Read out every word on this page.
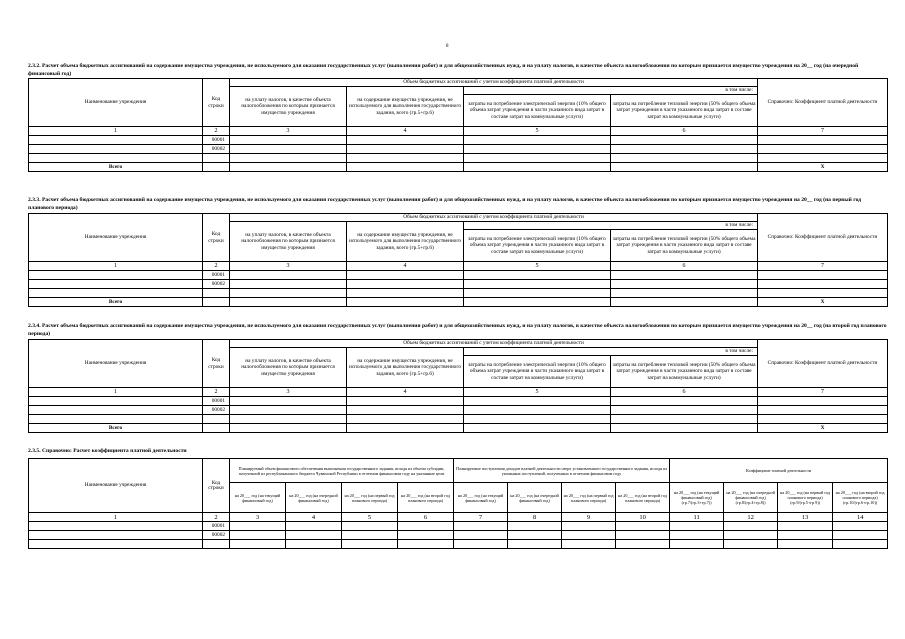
8
2.3.2. Расчет объема бюджетных ассигнований на содержание имущества учреждения, не используемого для оказания государственных услуг (выполнения работ) и для общехозяйственных нужд, и на уплату налогов, в качестве объекта налогообложения по которым признается имущество учреждения на 20__ год (на очередной финансовый год)
Наименование учреждения	Код строки	Объем бюджетных ассигнований с учетом коэффициента платной деятельности				Справочно: Коэффициент платной деятельности
		на уплату налогов, в качестве объекта налогообложения по которым признается имущество учреждения	на содержание имущества учреждения, не используемого для выполнения государственного задания, всего (гр.5+гр.6)	в том числе:		
				затраты на потребление электрической энергии (10% общего объема затрат учреждения в части указанного вида затрат в составе затрат на коммунальные услуги)	затраты на потребление тепловой энергии (50% общего объема затрат учреждения в части указанного вида затрат в составе затрат на коммунальные услуги)	
1	2	3	4	5	6	7
	00001					
	00002					

Всего						X
2.3.3. Расчет объема бюджетных ассигнований на содержание имущества учреждения, не используемого для оказания государственных услуг (выполнения работ) и для общехозяйственных нужд, и на уплату налогов, в качестве объекта налогообложения по которым признается имущество учреждения на 20__ год (на первый год планового периода)
Наименование учреждения	Код строки	Объем бюджетных ассигнований с учетом коэффициента платной деятельности				Справочно: Коэффициент платной деятельности
		на уплату налогов, в качестве объекта налогообложения по которым признается имущество учреждения	на содержание имущества учреждения, не используемого для выполнения государственного задания, всего (гр.5+гр.6)	в том числе:		
				затраты на потребление электрической энергии (10% общего объема затрат учреждения в части указанного вида затрат в составе затрат на коммунальные услуги)	затраты на потребление тепловой энергии (50% общего объема затрат учреждения в части указанного вида затрат в составе затрат на коммунальные услуги)	
1	2	3	4	5	6	7
	00001					
	00002					

Всего						X
2.3.4. Расчет объема бюджетных ассигнований на содержание имущества учреждения, не используемого для оказания государственных услуг (выполнения работ) и для общехозяйственных нужд, и на уплату налогов, в качестве объекта налогообложения по которым признается имущество учреждения на 20__ год (на второй год планового периода)
Наименование учреждения	Код строки	Объем бюджетных ассигнований с учетом коэффициента платной деятельности				Справочно: Коэффициент платной деятельности
		на уплату налогов, в качестве объекта налогообложения по которым признается имущество учреждения	на содержание имущества учреждения, не используемого для выполнения государственного задания, всего (гр.5+гр.6)	в том числе:		
				затраты на потребление электрической энергии (10% общего объема затрат учреждения в части указанного вида затрат в составе затрат на коммунальные услуги)	затраты на потребление тепловой энергии (50% общего объема затрат учреждения в части указанного вида затрат в составе затрат на коммунальные услуги)	
1	2	3	4	5	6	7
	00001					
	00002					

Всего						X
2.3.5. Справочно: Расчет коэффициента платной деятельности
Наименование учреждения	Код строки	Планируемый объем финансового обеспечения выполнения государственного задания, исходя из объема субсидии, полученной из республиканского бюджета Чувашской Республики в отчетном финансовом году на указанные цели				Планируемые поступления доходов платной деятельности сверх установленного государственного задания, исходя из указанных поступлений, полученных в отчетном финансовом году				Коэффициент платной деятельности			
		на 20___ год (на текущий финансовый год)	на 20___ год (на очередной финансовый год)	на 20___ год (на первый год планового периода)	на 20___ год (на второй год планового периода)	на 20___ год (на текущий финансовый год)	на 20___ год (на очередной финансовый год)	на 20___ год (на первый год планового периода)	на 20___ год (на второй год планового периода)	на 20___ год (на текущий финансовый год) (гр.7/(гр.3+гр.7))	на 20___ год (на очередной финансовый год) (гр.8/(гр.4+гр.8))	на 20___ год (на первый год планового периода) (гр.9/(гр.5+гр.9))	на 20___ год (на второй год планового периода) (гр.10/(гр.6+гр.10))
1	2	3	4	5	6	7	8	9	10	11	12	13	14
	00001												
	00002												
